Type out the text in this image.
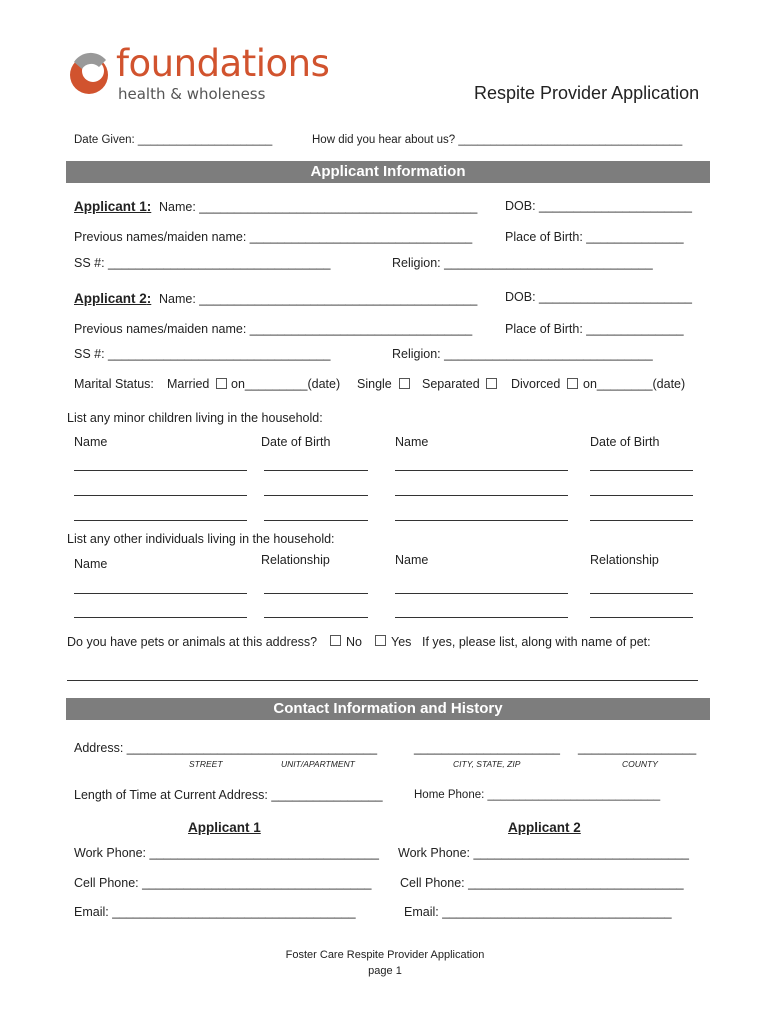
foundations
health & wholeness	Respite Provider Application
Date Given: _____________________	How did you hear about us? ___________________________________
Applicant Information
Applicant 1: Name: ________________________________________ DOB: ______________________
Previous names/maiden name: ________________________________	Place of Birth: ______________
SS #: ________________________________	Religion: ______________________________
Applicant 2: Name: ________________________________________ DOB: ______________________
Previous names/maiden name: ________________________________	Place of Birth: ______________
SS #: ________________________________	Religion: ______________________________
Marital Status: Married on_________(date) Single Separated	Divorced on________(date)
List any minor children living in the household:
Name	Date of Birth	Name	Date of Birth
List any other individuals living in the household:
Name	Relationship	Name	Relationship
Do you have pets or animals at this address? No Yes If yes, please list, along with name of pet:
Contact Information and History
Address: ____________________________________	_____________________ _________________
STREET	UNIT/APARTMENT	CITY, STATE, ZIP	COUNTY
Length of Time at Current Address: ________________	Home Phone: ___________________________
Applicant 1	Applicant 2
Work Phone: _________________________________ Work Phone: _______________________________
Cell Phone: _________________________________ Cell Phone: _______________________________
Email: ___________________________________	Email: _________________________________
Foster Care Respite Provider Application
page 1
